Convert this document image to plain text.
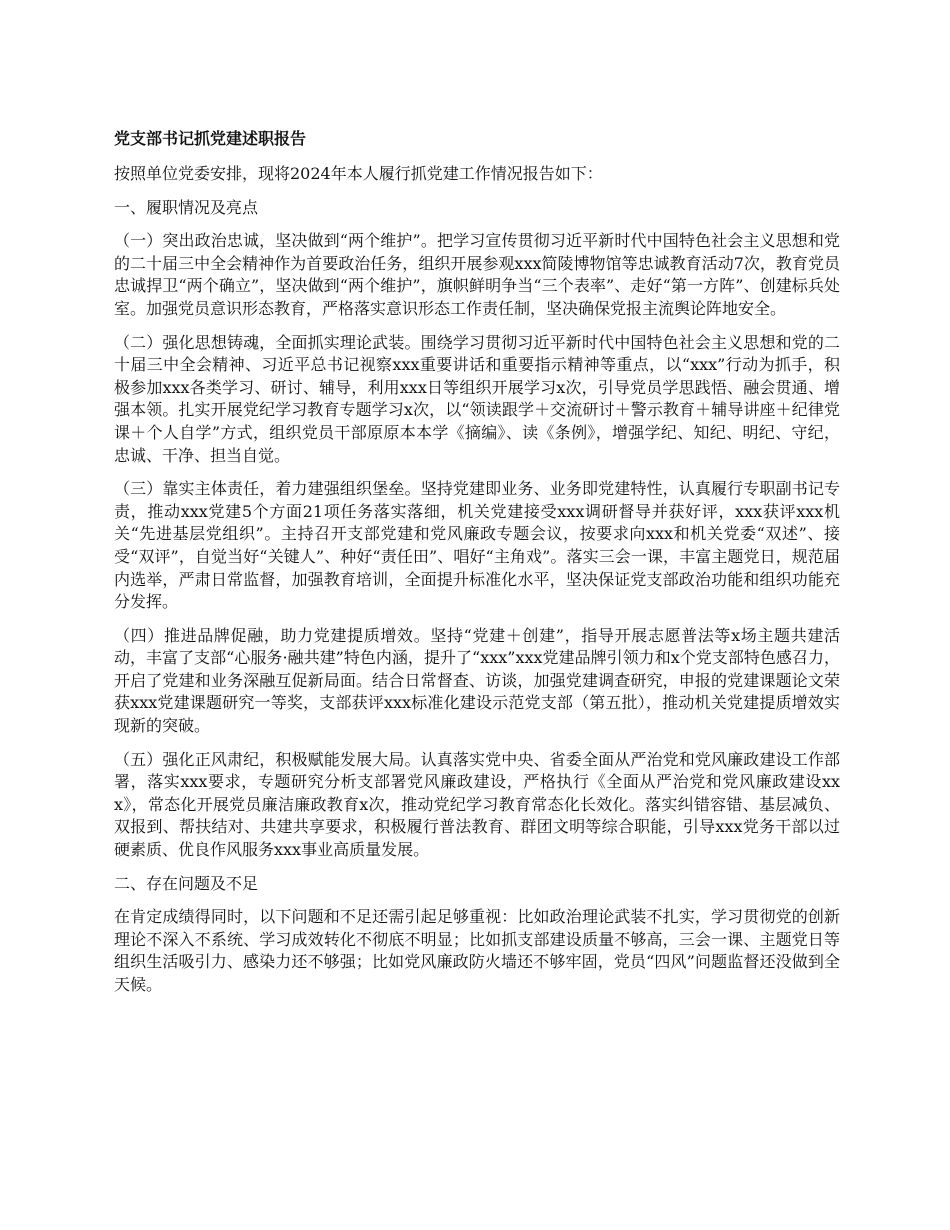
党支部书记抓党建述职报告

按照单位党委安排，现将2024年本人履行抓党建工作情况报告如下：

一、履职情况及亮点

（一）突出政治忠诚，坚决做到“两个维护”。把学习宣传贯彻习近平新时代中国特色社会主义思想和党的二十届三中全会精神作为首要政治任务，组织开展参观xxx简陵博物馆等忠诚教育活动7次，教育党员忠诚捍卫“两个确立”，坚决做到“两个维护”，旗帜鲜明争当“三个表率”、走好“第一方阵”、创建标兵处室。加强党员意识形态教育，严格落实意识形态工作责任制，坚决确保党报主流舆论阵地安全。

（二）强化思想铸魂，全面抓实理论武装。围绕学习贯彻习近平新时代中国特色社会主义思想和党的二十届三中全会精神、习近平总书记视察xxx重要讲话和重要指示精神等重点，以“xxx”行动为抓手，积极参加xxx各类学习、研讨、辅导，利用xxx日等组织开展学习x次，引导党员学思践悟、融会贯通、增强本领。扎实开展党纪学习教育专题学习x次，以“领读跟学＋交流研讨＋警示教育＋辅导讲座＋纪律党课＋个人自学”方式，组织党员干部原原本本学《摘编》、读《条例》，增强学纪、知纪、明纪、守纪，忠诚、干净、担当自觉。

（三）靠实主体责任，着力建强组织堡垒。坚持党建即业务、业务即党建特性，认真履行专职副书记专责，推动xxx党建5个方面21项任务落实落细，机关党建接受xxx调研督导并获好评，xxx获评xxx机关“先进基层党组织”。主持召开支部党建和党风廉政专题会议，按要求向xxx和机关党委“双述”、接受“双评”，自觉当好“关键人”、种好“责任田”、唱好“主角戏”。落实三会一课，丰富主题党日，规范届内选举，严肃日常监督，加强教育培训，全面提升标准化水平，坚决保证党支部政治功能和组织功能充分发挥。

（四）推进品牌促融，助力党建提质增效。坚持“党建＋创建”，指导开展志愿普法等x场主题共建活动，丰富了支部“心服务·融共建”特色内涵，提升了“xxx”xxx党建品牌引领力和x个党支部特色感召力，开启了党建和业务深融互促新局面。结合日常督查、访谈，加强党建调查研究，申报的党建课题论文荣获xxx党建课题研究一等奖，支部获评xxx标准化建设示范党支部（第五批），推动机关党建提质增效实现新的突破。

（五）强化正风肃纪，积极赋能发展大局。认真落实党中央、省委全面从严治党和党风廉政建设工作部署，落实xxx要求，专题研究分析支部署党风廉政建设，严格执行《全面从严治党和党风廉政建设xxx》，常态化开展党员廉洁廉政教育x次，推动党纪学习教育常态化长效化。落实纠错容错、基层减负、双报到、帮扶结对、共建共享要求，积极履行普法教育、群团文明等综合职能，引导xxx党务干部以过硬素质、优良作风服务xxx事业高质量发展。

二、存在问题及不足

在肯定成绩得同时，以下问题和不足还需引起足够重视：比如政治理论武装不扎实，学习贯彻党的创新理论不深入不系统、学习成效转化不彻底不明显；比如抓支部建设质量不够高，三会一课、主题党日等组织生活吸引力、感染力还不够强；比如党风廉政防火墙还不够牢固，党员“四风”问题监督还没做到全天候。
